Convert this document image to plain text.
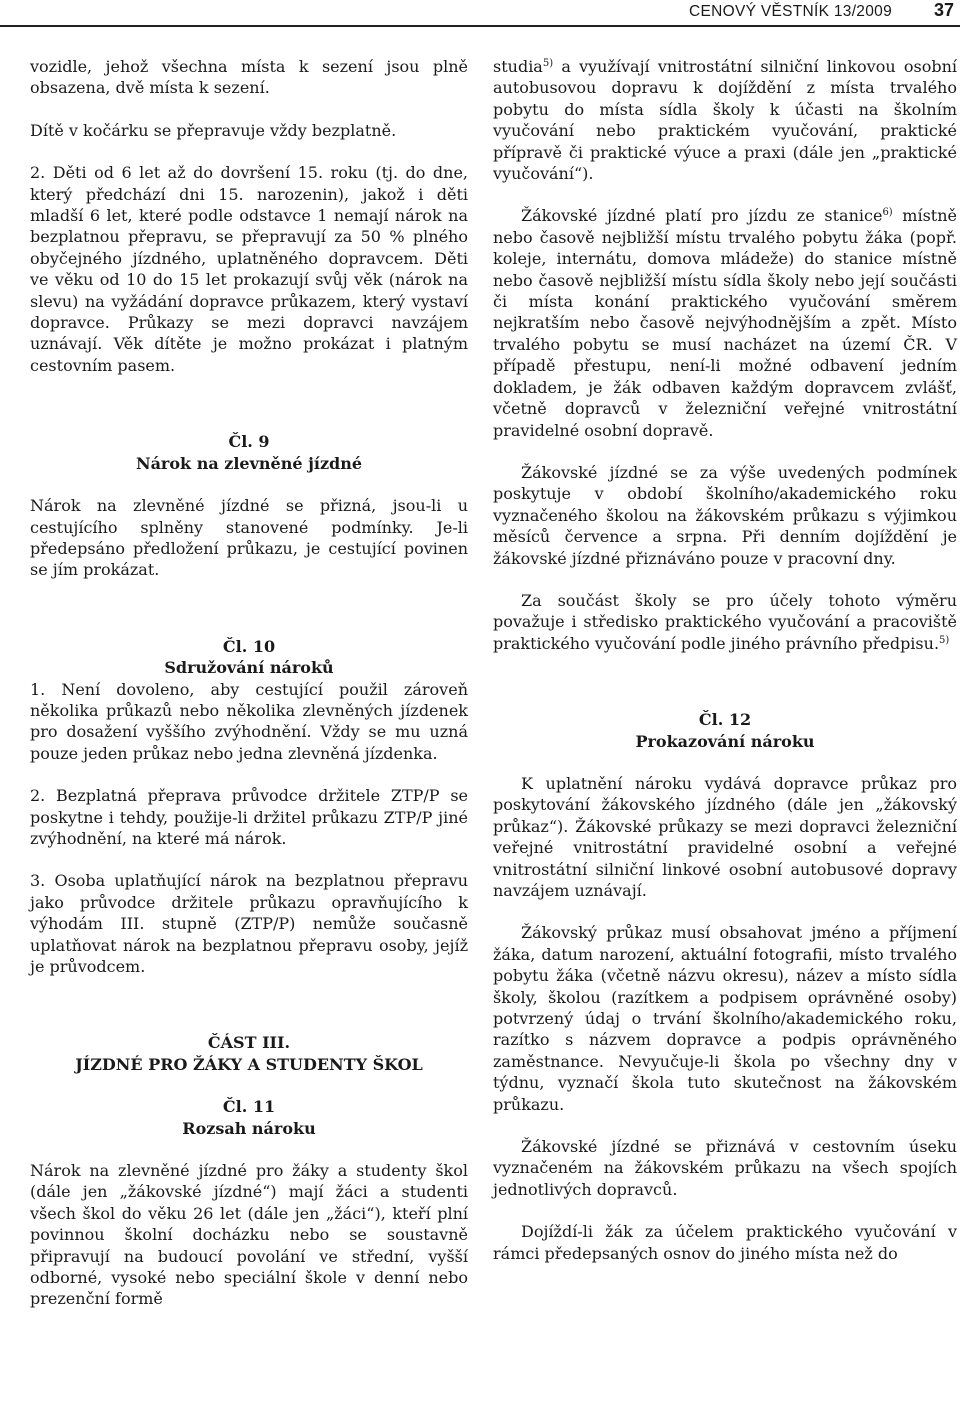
CENOVÝ VĚSTNÍK 13/2009 37

vozidle, jehož všechna místa k sezení jsou plně obsazena, dvě místa k sezení.

Dítě v kočárku se přepravuje vždy bezplatně.

2. Děti od 6 let až do dovršení 15. roku (tj. do dne, který předchází dni 15. narozenin), jakož i děti mladší 6 let, které podle odstavce 1 nemají nárok na bezplatnou přepravu, se přepravují za 50 % plného obyčejného jízdného, uplatněného dopravcem. Děti ve věku od 10 do 15 let prokazují svůj věk (nárok na slevu) na vyžádání dopravce průkazem, který vystaví dopravce. Průkazy se mezi dopravci navzájem uznávají. Věk dítěte je možno prokázat i platným cestovním pasem.

Čl. 9

Nárok na zlevněné jízdné

Nárok na zlevněné jízdné se přizná, jsou-li u cestujícího splněny stanovené podmínky. Je-li předepsáno předložení průkazu, je cestující povinen se jím prokázat.

Čl. 10

Sdružování nároků

1. Není dovoleno, aby cestující použil zároveň několika průkazů nebo několika zlevněných jízdenek pro dosažení vyššího zvýhodnění. Vždy se mu uzná pouze jeden průkaz nebo jedna zlevněná jízdenka.

2. Bezplatná přeprava průvodce držitele ZTP/P se poskytne i tehdy, použije-li držitel průkazu ZTP/P jiné zvýhodnění, na které má nárok.

3. Osoba uplatňující nárok na bezplatnou přepravu jako průvodce držitele průkazu opravňujícího k výhodám III. stupně (ZTP/P) nemůže současně uplatňovat nárok na bezplatnou přepravu osoby, jejíž je průvodcem.

ČÁST III.

JÍZDNÉ PRO ŽÁKY A STUDENTY ŠKOL

Čl. 11

Rozsah nároku

Nárok na zlevněné jízdné pro žáky a studenty škol (dále jen „žákovské jízdné“) mají žáci a studenti všech škol do věku 26 let (dále jen „žáci“), kteří plní povinnou školní docházku nebo se soustavně připravují na budoucí povolání ve střední, vyšší odborné, vysoké nebo speciální škole v denní nebo prezenční formě

studia$^{5)}$ a využívají vnitrostátní silniční linkovou osobní autobusovou dopravu k dojíždění z místa trvalého pobytu do místa sídla školy k účasti na školním vyučování nebo praktickém vyučování, praktické přípravě či praktické výuce a praxi (dále jen „praktické vyučování“).

Žákovské jízdné platí pro jízdu ze stanice$^{6)}$ místně nebo časově nejbližší místu trvalého pobytu žáka (popř. koleje, internátu, domova mládeže) do stanice místně nebo časově nejbližší místu sídla školy nebo její součásti či místa konání praktického vyučování směrem nejkratším nebo časově nejvýhodnějším a zpět. Místo trvalého pobytu se musí nacházet na území ČR. V případě přestupu, není-li možné odbavení jedním dokladem, je žák odbaven každým dopravcem zvlášť, včetně dopravců v železniční veřejné vnitrostátní pravidelné osobní dopravě.

Žákovské jízdné se za výše uvedených podmínek poskytuje v období školního/akademického roku vyznačeného školou na žákovském průkazu s výjimkou měsíců července a srpna. Při denním dojíždění je žákovské jízdné přiznáváno pouze v pracovní dny.

Za součást školy se pro účely tohoto výměru považuje i středisko praktického vyučování a pracoviště praktického vyučování podle jiného právního předpisu.$^{5)}$

Čl. 12

Prokazování nároku

K uplatnění nároku vydává dopravce průkaz pro poskytování žákovského jízdného (dále jen „žákovský průkaz“). Žákovské průkazy se mezi dopravci železniční veřejné vnitrostátní pravidelné osobní a veřejné vnitrostátní silniční linkové osobní autobusové dopravy navzájem uznávají.

Žákovský průkaz musí obsahovat jméno a příjmení žáka, datum narození, aktuální fotografii, místo trvalého pobytu žáka (včetně názvu okresu), název a místo sídla školy, školou (razítkem a podpisem oprávněné osoby) potvrzený údaj o trvání školního/akademického roku, razítko s názvem dopravce a podpis oprávněného zaměstnance. Nevyučuje-li škola po všechny dny v týdnu, vyznačí škola tuto skutečnost na žákovském průkazu.

Žákovské jízdné se přiznává v cestovním úseku vyznačeném na žákovském průkazu na všech spojích jednotlivých dopravců.

Dojíždí-li žák za účelem praktického vyučování v rámci předepsaných osnov do jiného místa než do
